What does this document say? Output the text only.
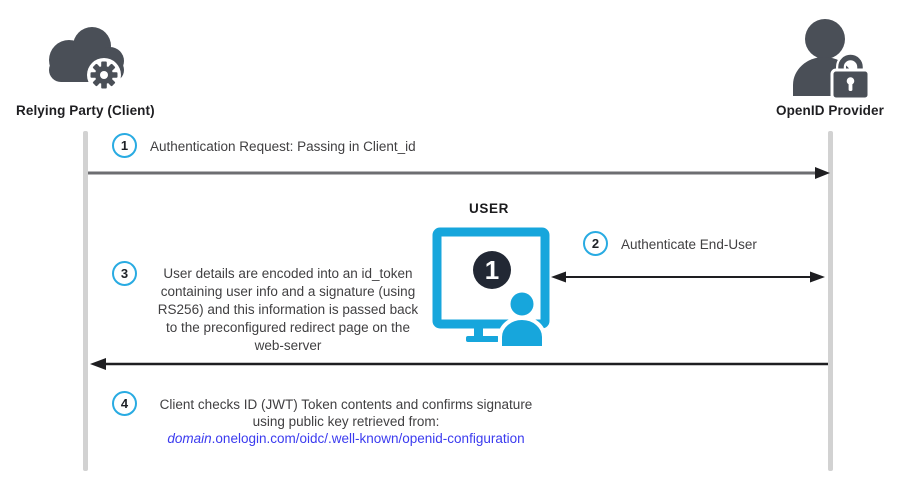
Relying Party (Client)	OpenID Provider
1	Authentication Request: Passing in Client_id
USER
1
2	Authenticate End-User
3	User details are encoded into an id_token
containing user info and a signature (using
RS256) and this information is passed back
to the preconfigured redirect page on the
web-server
4	Client checks ID (JWT) Token contents and confirms signature
using public key retrieved from:
domain.onelogin.com/oidc/.well-known/openid-configuration
